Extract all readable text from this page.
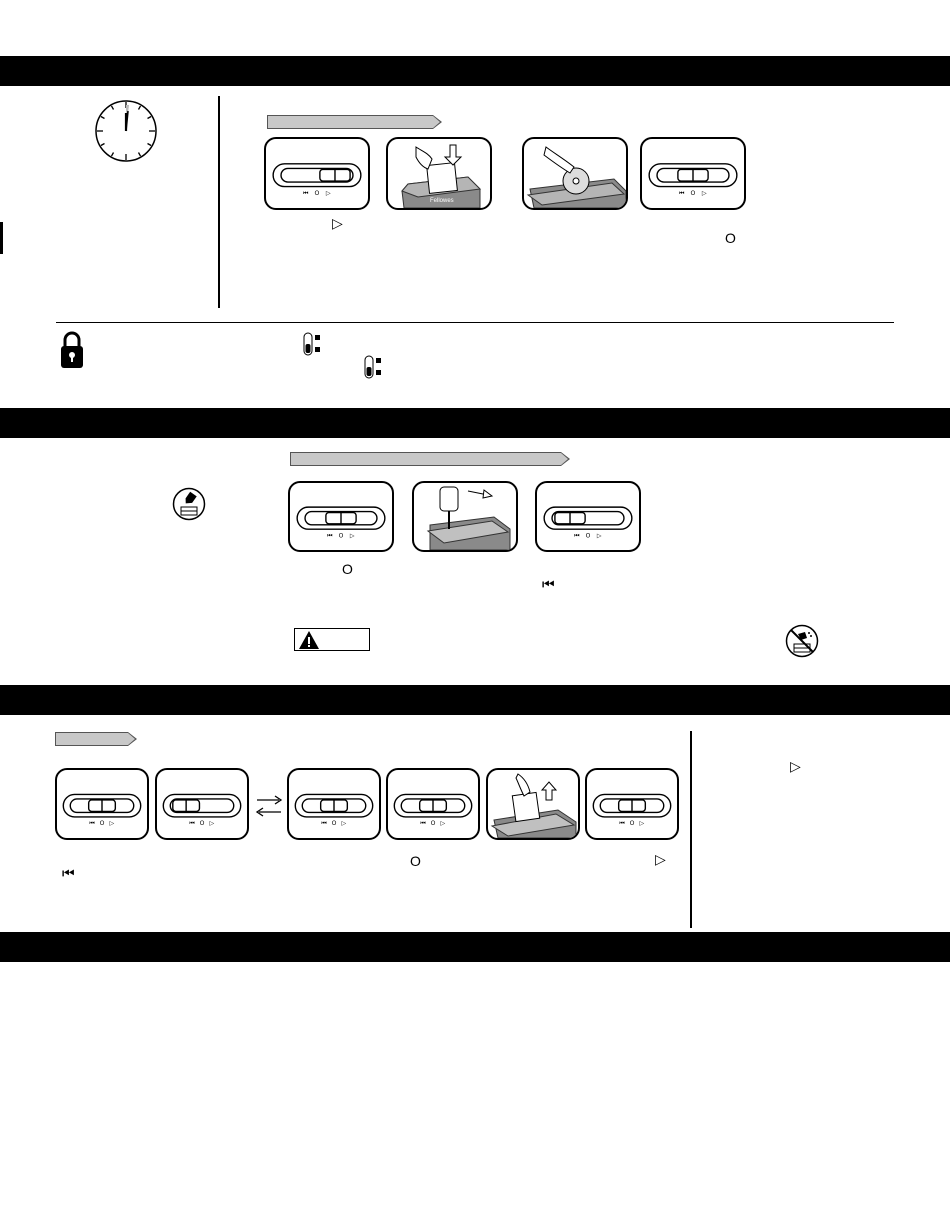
⏮ O ▷
Fellowes
⏮ O ▷
▷
O
⏮ O ▷	⏮ O ▷
O
⏮
⏮ O ▷	⏮ O ▷	⏮ O ▷	⏮ O ▷	⏮ O ▷
O	▷
⏮
▷
